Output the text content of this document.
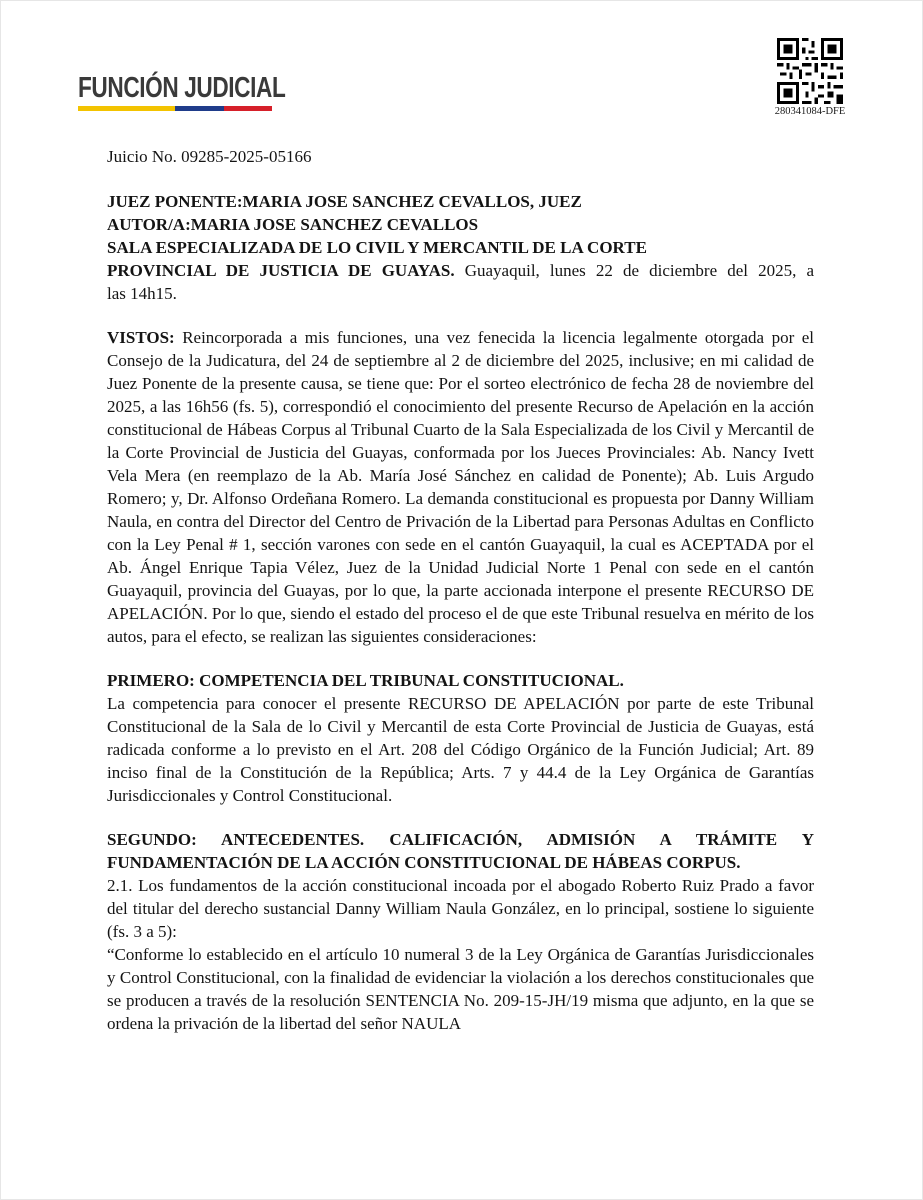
FUNCIÓN JUDICIAL
280341084-DFE

Juicio No. 09285-2025-05166

JUEZ PONENTE:MARIA JOSE SANCHEZ CEVALLOS, JUEZ

AUTOR/A:MARIA JOSE SANCHEZ CEVALLOS

SALA ESPECIALIZADA DE LO CIVIL Y MERCANTIL DE LA CORTE

PROVINCIAL DE JUSTICIA DE GUAYAS. Guayaquil, lunes 22 de diciembre del 2025, a

las 14h15.

VISTOS: Reincorporada a mis funciones, una vez fenecida la licencia legalmente otorgada por el Consejo de la Judicatura, del 24 de septiembre al 2 de diciembre del 2025, inclusive; en mi calidad de Juez Ponente de la presente causa, se tiene que: Por el sorteo electrónico de fecha 28 de noviembre del 2025, a las 16h56 (fs. 5), correspondió el conocimiento del presente Recurso de Apelación en la acción constitucional de Hábeas Corpus al Tribunal Cuarto de la Sala Especializada de los Civil y Mercantil de la Corte Provincial de Justicia del Guayas, conformada por los Jueces Provinciales: Ab. Nancy Ivett Vela Mera (en reemplazo de la Ab. María José Sánchez en calidad de Ponente); Ab. Luis Argudo Romero; y, Dr. Alfonso Ordeñana Romero. La demanda constitucional es propuesta por Danny William Naula, en contra del Director del Centro de Privación de la Libertad para Personas Adultas en Conflicto con la Ley Penal # 1, sección varones con sede en el cantón Guayaquil, la cual es ACEPTADA por el Ab. Ángel Enrique Tapia Vélez, Juez de la Unidad Judicial Norte 1 Penal con sede en el cantón Guayaquil, provincia del Guayas, por lo que, la parte accionada interpone el presente RECURSO DE APELACIÓN. Por lo que, siendo el estado del proceso el de que este Tribunal resuelva en mérito de los autos, para el efecto, se realizan las siguientes consideraciones:

PRIMERO: COMPETENCIA DEL TRIBUNAL CONSTITUCIONAL.

La competencia para conocer el presente RECURSO DE APELACIÓN por parte de este Tribunal Constitucional de la Sala de lo Civil y Mercantil de esta Corte Provincial de Justicia de Guayas, está radicada conforme a lo previsto en el Art. 208 del Código Orgánico de la Función Judicial; Art. 89 inciso final de la Constitución de la República; Arts. 7 y 44.4 de la Ley Orgánica de Garantías Jurisdiccionales y Control Constitucional.

SEGUNDO: ANTECEDENTES. CALIFICACIÓN, ADMISIÓN A TRÁMITE Y FUNDAMENTACIÓN DE LA ACCIÓN CONSTITUCIONAL DE HÁBEAS CORPUS.

2.1. Los fundamentos de la acción constitucional incoada por el abogado Roberto Ruiz Prado a favor del titular del derecho sustancial Danny William Naula González, en lo principal, sostiene lo siguiente (fs. 3 a 5):

“Conforme lo establecido en el artículo 10 numeral 3 de la Ley Orgánica de Garantías Jurisdiccionales y Control Constitucional, con la finalidad de evidenciar la violación a los derechos constitucionales que se producen a través de la resolución SENTENCIA No. 209-15-JH/19 misma que adjunto, en la que se ordena la privación de la libertad del señor NAULA
